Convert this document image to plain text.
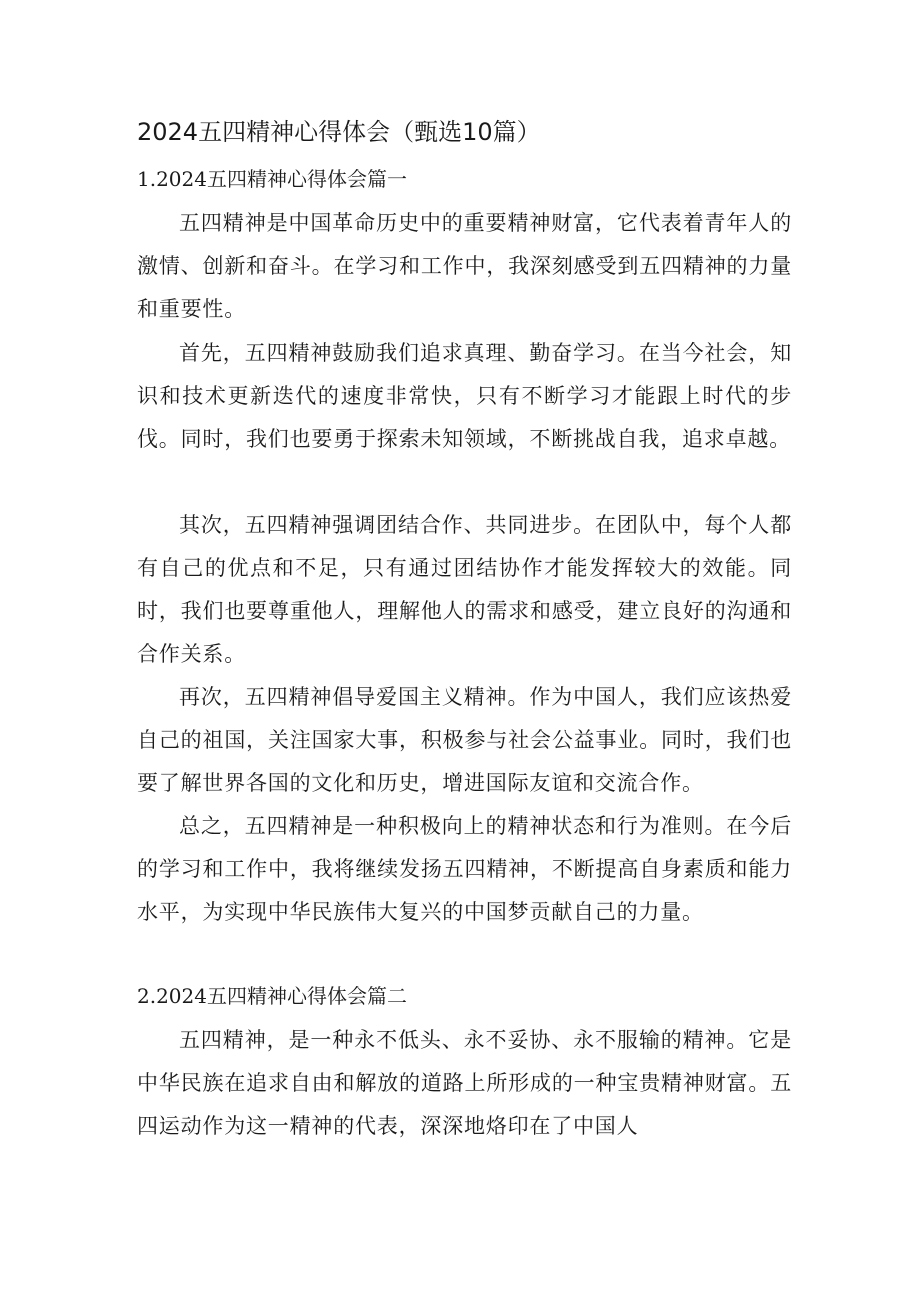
2024五四精神心得体会（甄选10篇）
1.2024五四精神心得体会篇一

五四精神是中国革命历史中的重要精神财富，它代表着青年人的激情、创新和奋斗。在学习和工作中，我深刻感受到五四精神的力量和重要性。

首先，五四精神鼓励我们追求真理、勤奋学习。在当今社会，知识和技术更新迭代的速度非常快，只有不断学习才能跟上时代的步伐。同时，我们也要勇于探索未知领域，不断挑战自我，追求卓越。

其次，五四精神强调团结合作、共同进步。在团队中，每个人都有自己的优点和不足，只有通过团结协作才能发挥较大的效能。同时，我们也要尊重他人，理解他人的需求和感受，建立良好的沟通和合作关系。

再次，五四精神倡导爱国主义精神。作为中国人，我们应该热爱自己的祖国，关注国家大事，积极参与社会公益事业。同时，我们也要了解世界各国的文化和历史，增进国际友谊和交流合作。

总之，五四精神是一种积极向上的精神状态和行为准则。在今后的学习和工作中，我将继续发扬五四精神，不断提高自身素质和能力水平，为实现中华民族伟大复兴的中国梦贡献自己的力量。

2.2024五四精神心得体会篇二

五四精神，是一种永不低头、永不妥协、永不服输的精神。它是中华民族在追求自由和解放的道路上所形成的一种宝贵精神财富。五四运动作为这一精神的代表，深深地烙印在了中国人
